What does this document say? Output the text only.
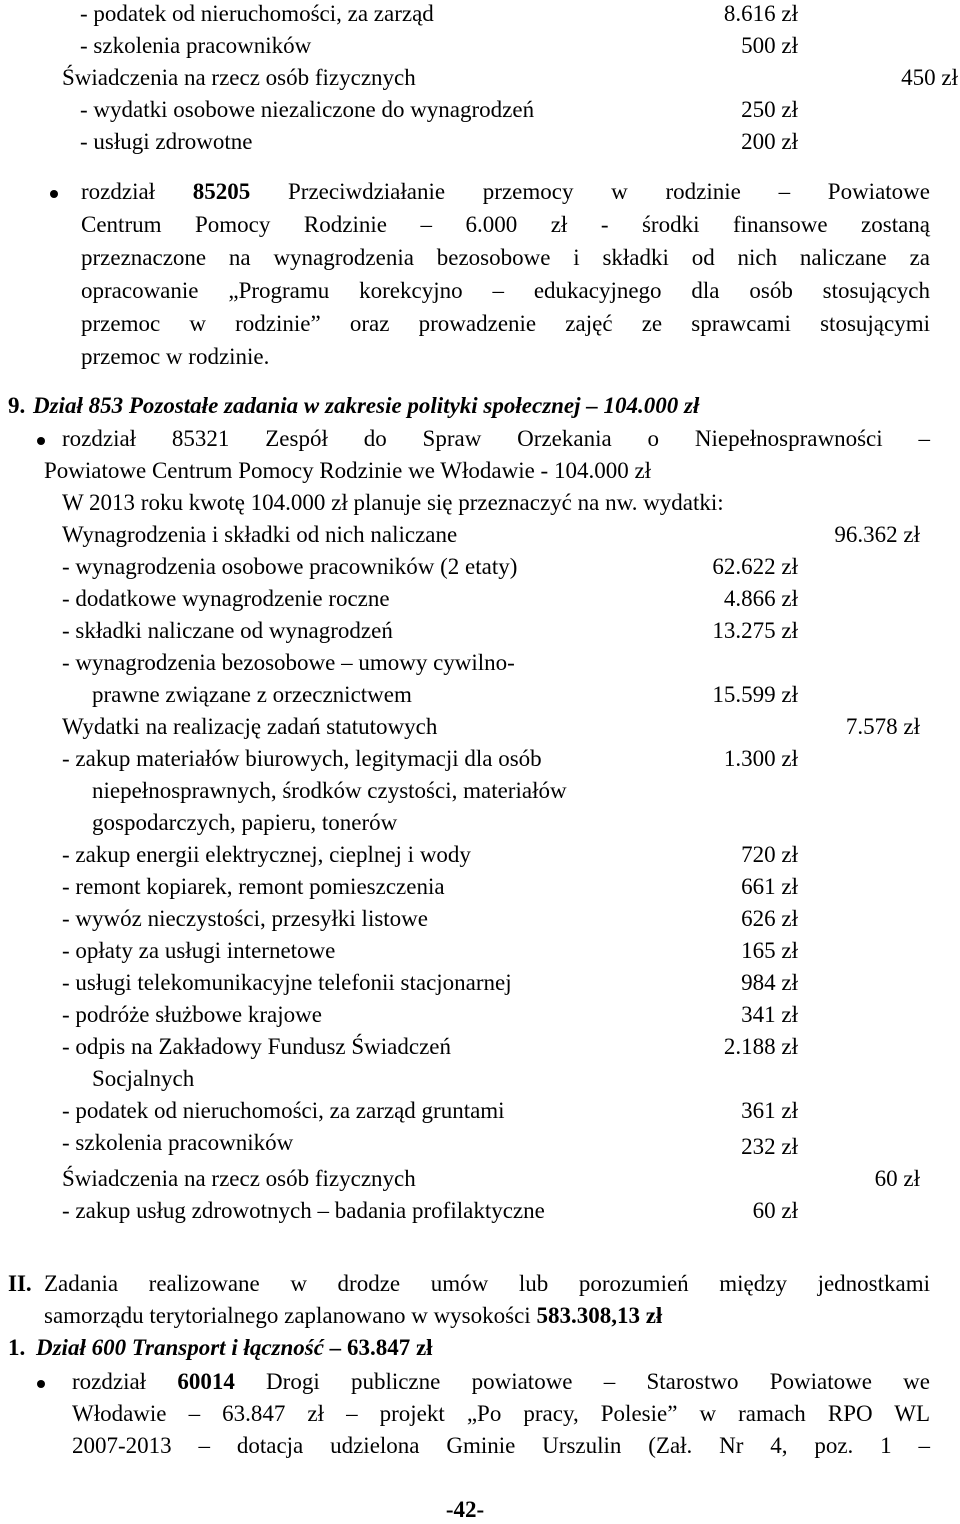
- podatek od nieruchomości, za zarząd	8.616 zł
- szkolenia pracowników	500 zł
Świadczenia na rzecz osób fizycznych	450 zł
- wydatki osobowe niezaliczone do wynagrodzeń	250 zł
- usługi zdrowotne	200 zł
rozdział 85205 Przeciwdziałanie przemocy w rodzinie – Powiatowe
Centrum Pomocy Rodzinie – 6.000 zł - środki finansowe zostaną
przeznaczone na wynagrodzenia bezosobowe i składki od nich naliczane za
opracowanie „Programu korekcyjno – edukacyjnego dla osób stosujących
przemoc w rodzinie” oraz prowadzenie zajęć ze sprawcami stosującymi
przemoc w rodzinie.
9. Dział 853 Pozostałe zadania w zakresie polityki społecznej – 104.000 zł
rozdział 85321 Zespół do Spraw Orzekania o Niepełnosprawności –
Powiatowe Centrum Pomocy Rodzinie we Włodawie - 104.000 zł
W 2013 roku kwotę 104.000 zł planuje się przeznaczyć na nw. wydatki:
Wynagrodzenia i składki od nich naliczane	96.362 zł
- wynagrodzenia osobowe pracowników (2 etaty)	62.622 zł
- dodatkowe wynagrodzenie roczne	4.866 zł
- składki naliczane od wynagrodzeń	13.275 zł
- wynagrodzenia bezosobowe – umowy cywilno-
prawne związane z orzecznictwem	15.599 zł
Wydatki na realizację zadań statutowych	7.578 zł
- zakup materiałów biurowych, legitymacji dla osób	1.300 zł
niepełnosprawnych, środków czystości, materiałów
gospodarczych, papieru, tonerów
- zakup energii elektrycznej, cieplnej i wody	720 zł
- remont kopiarek, remont pomieszczenia	661 zł
- wywóz nieczystości, przesyłki listowe	626 zł
- opłaty za usługi internetowe	165 zł
- usługi telekomunikacyjne telefonii stacjonarnej	984 zł
- podróże służbowe krajowe	341 zł
- odpis na Zakładowy Fundusz Świadczeń	2.188 zł
Socjalnych
- podatek od nieruchomości, za zarząd gruntami	361 zł
- szkolenia pracowników	232 zł
Świadczenia na rzecz osób fizycznych	60 zł
- zakup usług zdrowotnych – badania profilaktyczne	60 zł
II. Zadania realizowane w drodze umów lub porozumień między jednostkami
samorządu terytorialnego zaplanowano w wysokości 583.308,13 zł
1. Dział 600 Transport i łączność – 63.847 zł
rozdział 60014 Drogi publiczne powiatowe – Starostwo Powiatowe we
Włodawie – 63.847 zł – projekt „Po pracy, Polesie” w ramach RPO WL
2007-2013 – dotacja udzielona Gminie Urszulin (Zał. Nr 4, poz. 1 –
-42-
